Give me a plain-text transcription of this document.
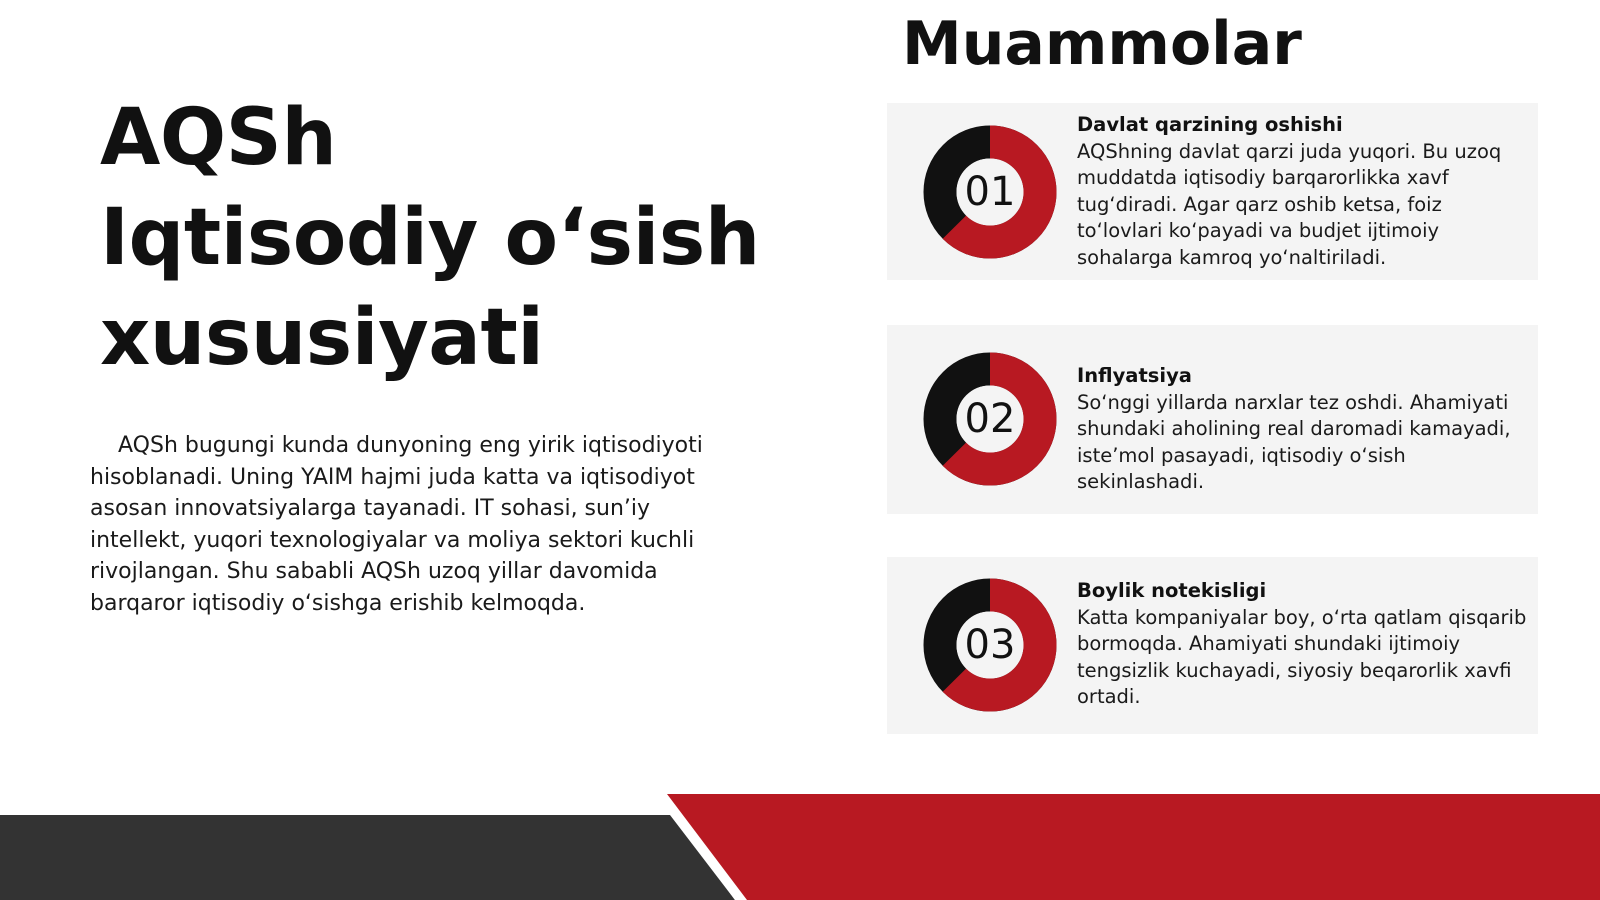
AQSh
Iqtisodiy o‘sish
xususiyati

AQSh bugungi kunda dunyoning eng yirik iqtisodiyoti hisoblanadi. Uning YAIM hajmi juda katta va iqtisodiyot asosan innovatsiyalarga tayanadi. IT sohasi, sun’iy intellekt, yuqori texnologiyalar va moliya sektori kuchli rivojlangan. Shu sababli AQSh uzoq yillar davomida barqaror iqtisodiy o‘sishga erishib kelmoqda.

Muammolar
01
Davlat qarzining oshishi
AQShning davlat qarzi juda yuqori. Bu uzoq muddatda iqtisodiy barqarorlikka xavf tug‘diradi. Agar qarz oshib ketsa, foiz to‘lovlari ko‘payadi va budjet ijtimoiy sohalarga kamroq yo‘naltiriladi.
02
Inflyatsiya
So‘nggi yillarda narxlar tez oshdi. Ahamiyati shundaki aholining real daromadi kamayadi, iste’mol pasayadi, iqtisodiy o‘sish sekinlashadi.
03
Boylik notekisligi
Katta kompaniyalar boy, o‘rta qatlam qisqarib bormoqda. Ahamiyati shundaki ijtimoiy tengsizlik kuchayadi, siyosiy beqarorlik xavfi ortadi.
